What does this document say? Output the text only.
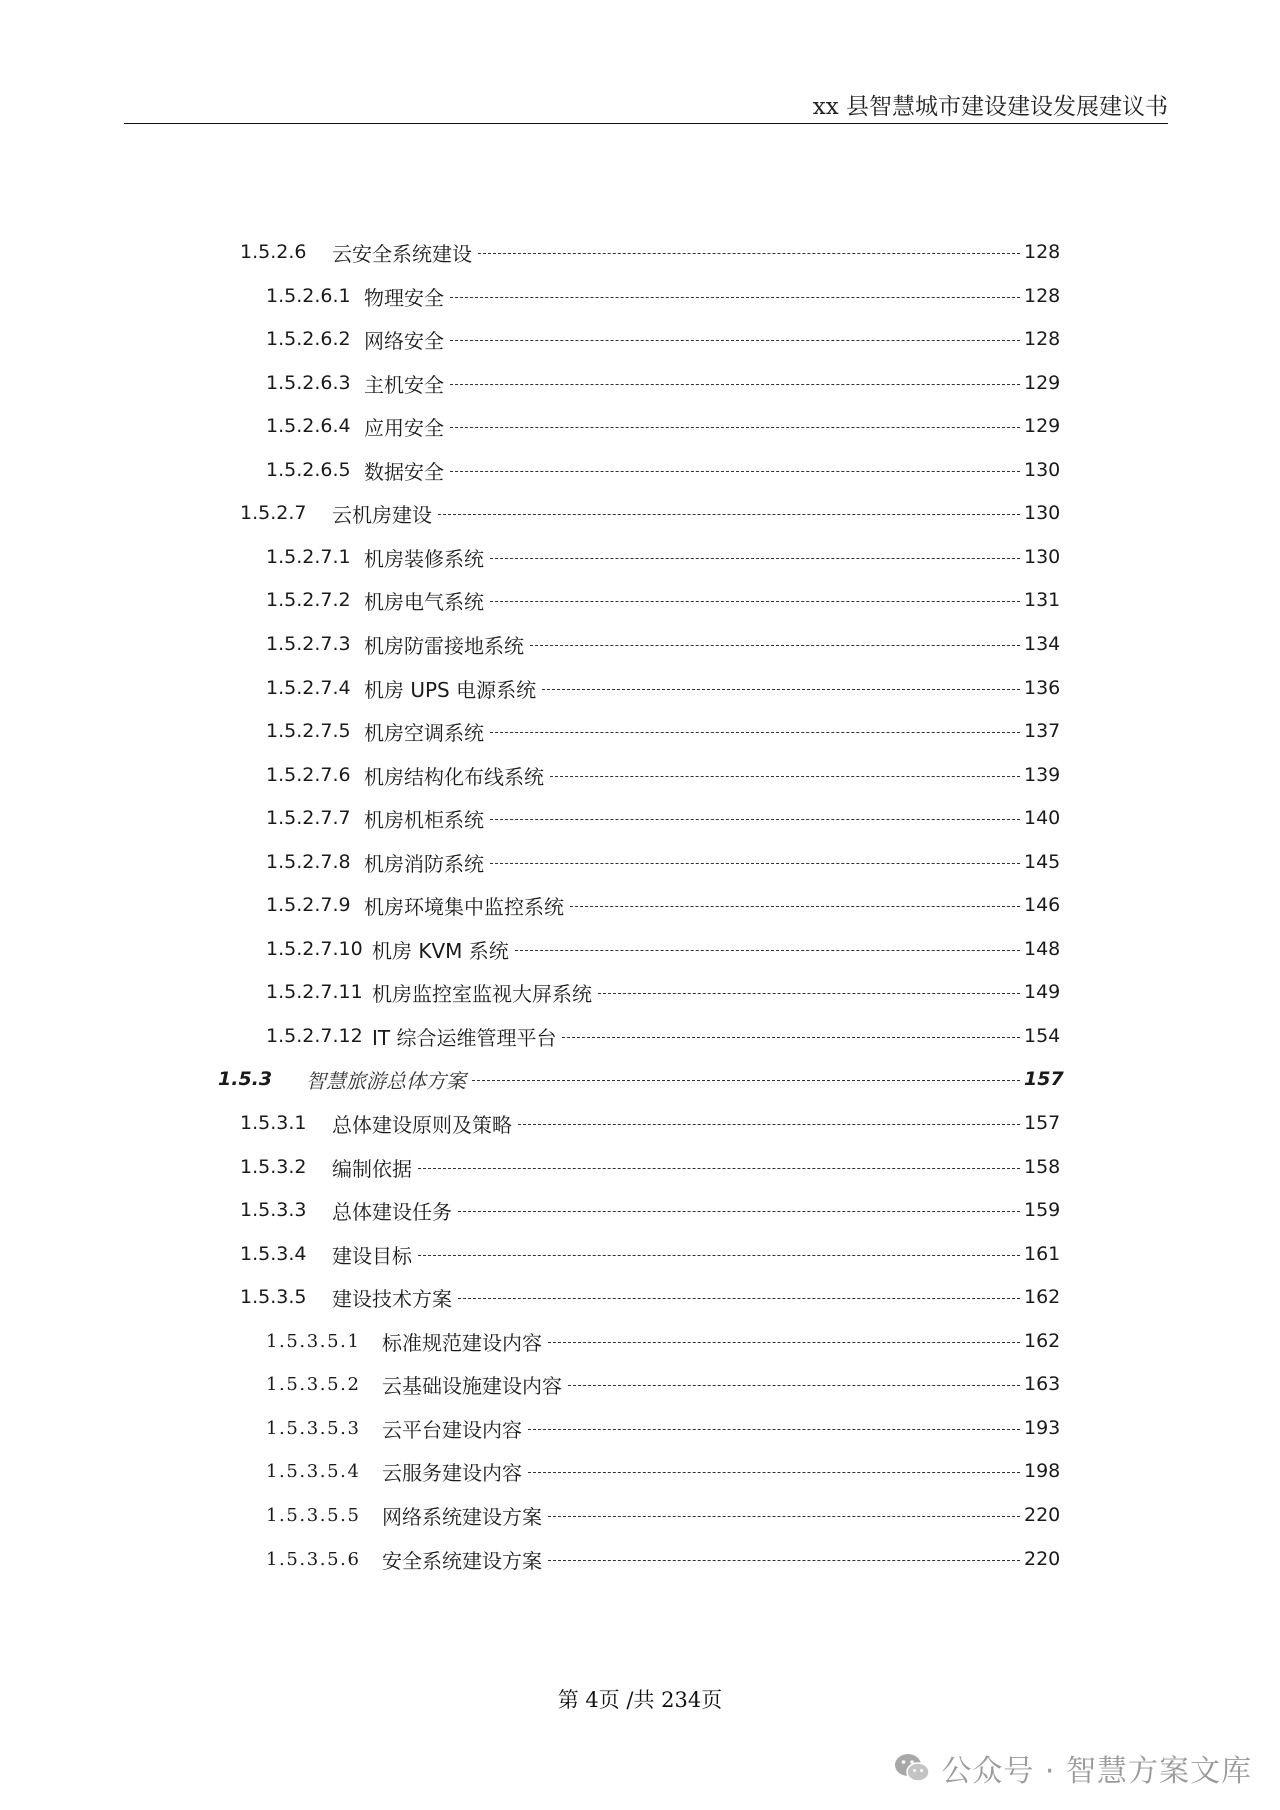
xx 县智慧城市建设建设发展建议书
1.5.2.6	云安全系统建设	128
1.5.2.6.1 物理安全	128
1.5.2.6.2 网络安全	128
1.5.2.6.3 主机安全	129
1.5.2.6.4 应用安全	129
1.5.2.6.5 数据安全	130
1.5.2.7	云机房建设	130
1.5.2.7.1 机房装修系统	130
1.5.2.7.2 机房电气系统	131
1.5.2.7.3 机房防雷接地系统	134
1.5.2.7.4 机房 UPS 电源系统	136
1.5.2.7.5 机房空调系统	137
1.5.2.7.6 机房结构化布线系统	139
1.5.2.7.7 机房机柜系统	140
1.5.2.7.8 机房消防系统	145
1.5.2.7.9 机房环境集中监控系统	146
1.5.2.7.10 机房 KVM 系统	148
1.5.2.7.11 机房监控室监视大屏系统	149
1.5.2.7.12 IT 综合运维管理平台	154
1.5.3	智慧旅游总体方案	157
1.5.3.1	总体建设原则及策略	157
1.5.3.2	编制依据	158
1.5.3.3	总体建设任务	159
1.5.3.4	建设目标	161
1.5.3.5	建设技术方案	162
1.5.3.5.1	标准规范建设内容	162
1.5.3.5.2	云基础设施建设内容	163
1.5.3.5.3	云平台建设内容	193
1.5.3.5.4	云服务建设内容	198
1.5.3.5.5	网络系统建设方案	220
1.5.3.5.6	安全系统建设方案	220
第 4页 /共 234页
公众号 · 智慧方案文库
